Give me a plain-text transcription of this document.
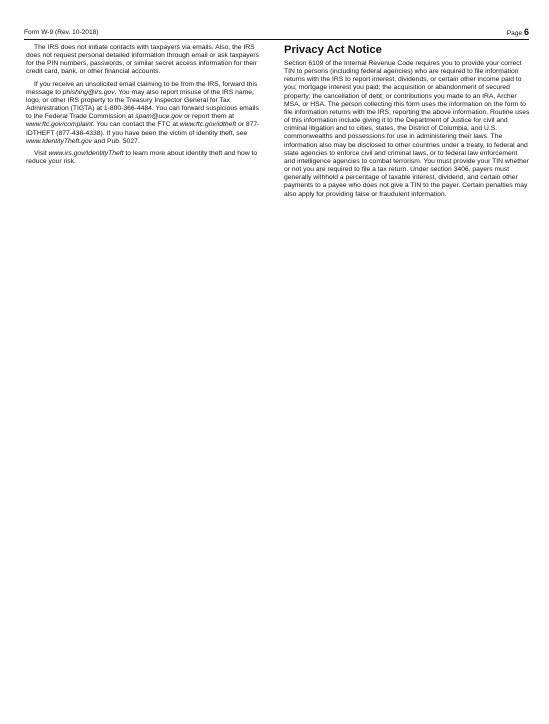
Form W-9 (Rev. 10-2018)	Page 6

The IRS does not initiate contacts with taxpayers via emails. Also, the IRS does not request personal detailed information through email or ask taxpayers for the PIN numbers, passwords, or similar secret access information for their credit card, bank, or other financial accounts.

If you receive an unsolicited email claiming to be from the IRS, forward this message to phishing@irs.gov. You may also report misuse of the IRS name, logo, or other IRS property to the Treasury Inspector General for Tax Administration (TIGTA) at 1-800-366-4484. You can forward suspicious emails to the Federal Trade Commission at spam@uce.gov or report them at www.ftc.gov/complaint. You can contact the FTC at www.ftc.gov/idtheft or 877-IDTHEFT (877-438-4338). If you have been the victim of identity theft, see www.IdentityTheft.gov and Pub. 5027.

Visit www.irs.gov/IdentityTheft to learn more about identity theft and how to reduce your risk.

Privacy Act Notice

Section 6109 of the Internal Revenue Code requires you to provide your correct TIN to persons (including federal agencies) who are required to file information returns with the IRS to report interest, dividends, or certain other income paid to you; mortgage interest you paid; the acquisition or abandonment of secured property; the cancellation of debt; or contributions you made to an IRA, Archer MSA, or HSA. The person collecting this form uses the information on the form to file information returns with the IRS, reporting the above information. Routine uses of this information include giving it to the Department of Justice for civil and criminal litigation and to cities, states, the District of Columbia, and U.S. commonwealths and possessions for use in administering their laws. The information also may be disclosed to other countries under a treaty, to federal and state agencies to enforce civil and criminal laws, or to federal law enforcement and intelligence agencies to combat terrorism. You must provide your TIN whether or not you are required to file a tax return. Under section 3406, payers must generally withhold a percentage of taxable interest, dividend, and certain other payments to a payee who does not give a TIN to the payer. Certain penalties may also apply for providing false or fraudulent information.
